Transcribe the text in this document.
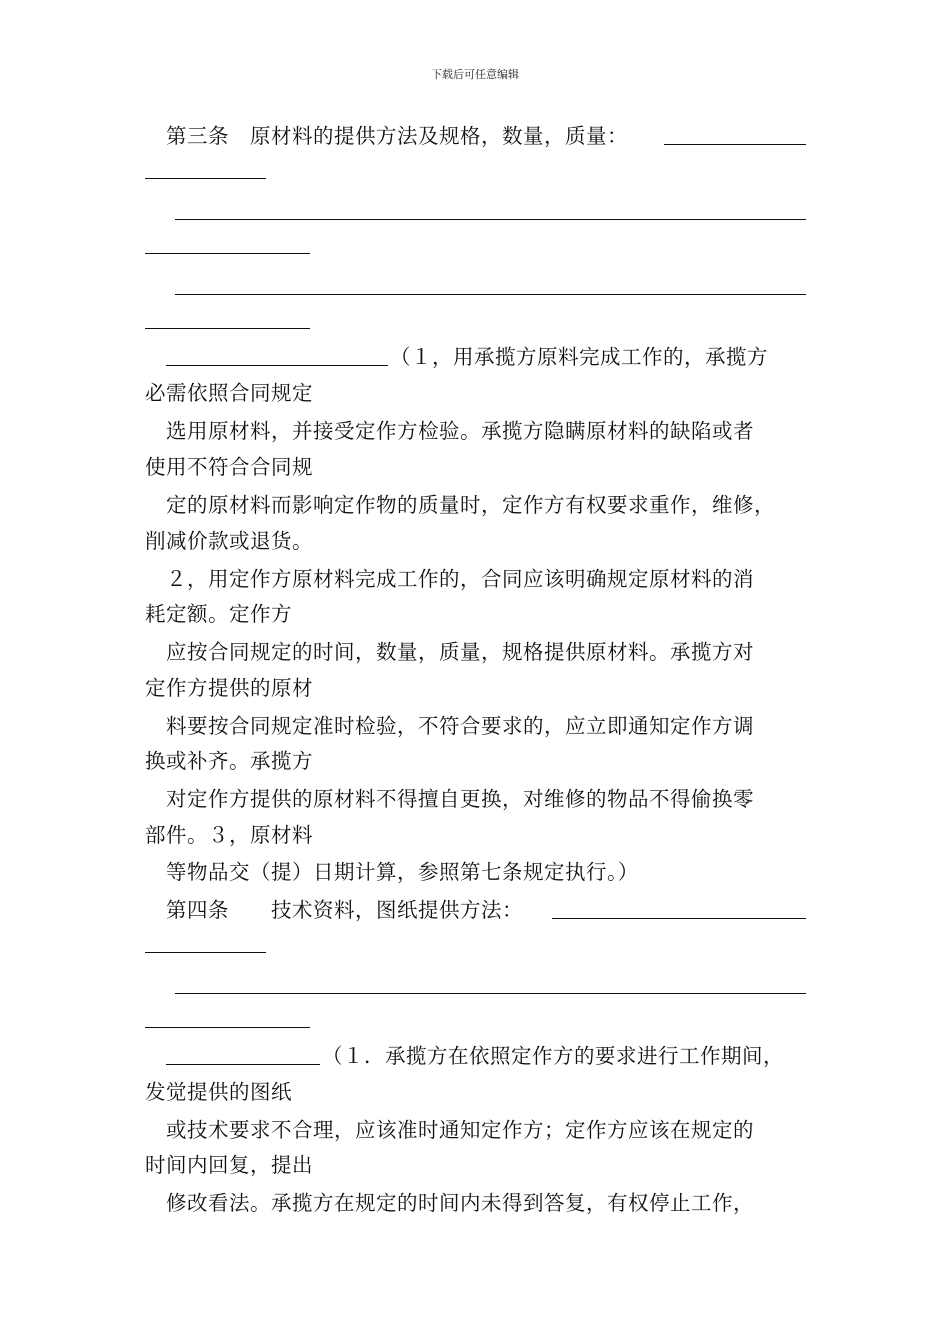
下载后可任意编辑
第三条　原材料的提供方法及规格，数量，质量：
（１，用承揽方原料完成工作的，承揽方
必需依照合同规定
选用原材料，并接受定作方检验。承揽方隐瞒原材料的缺陷或者
使用不符合合同规
定的原材料而影响定作物的质量时，定作方有权要求重作，维修，
削减价款或退货。
２，用定作方原材料完成工作的，合同应该明确规定原材料的消
耗定额。定作方
应按合同规定的时间，数量，质量，规格提供原材料。承揽方对
定作方提供的原材
料要按合同规定准时检验，不符合要求的，应立即通知定作方调
换或补齐。承揽方
对定作方提供的原材料不得擅自更换，对维修的物品不得偷换零
部件。３，原材料
等物品交（提）日期计算，参照第七条规定执行。）
第四条　　技术资料，图纸提供方法：
（１．承揽方在依照定作方的要求进行工作期间，
发觉提供的图纸
或技术要求不合理，应该准时通知定作方；定作方应该在规定的
时间内回复，提出
修改看法。承揽方在规定的时间内未得到答复，有权停止工作，
